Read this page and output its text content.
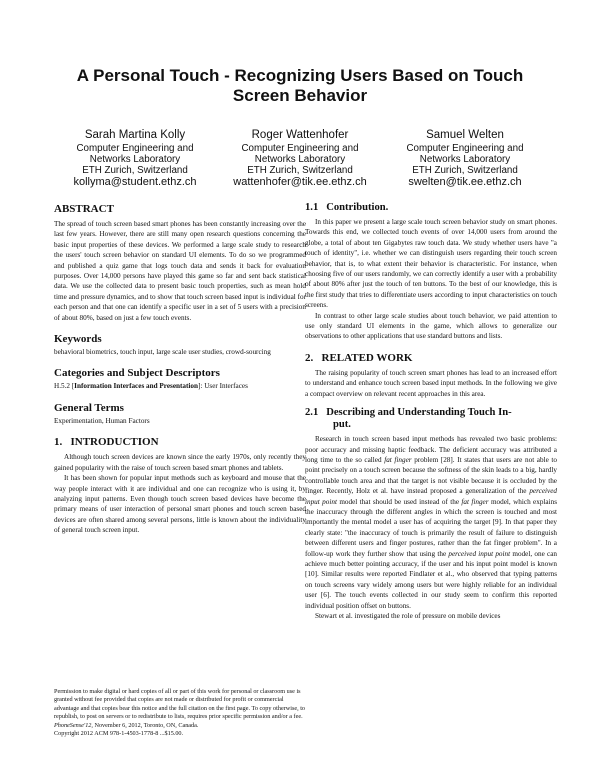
A Personal Touch - Recognizing Users Based on Touch
Screen Behavior
Sarah Martina Kolly
Computer Engineering and
Networks Laboratory
ETH Zurich, Switzerland
kollyma@student.ethz.ch
Roger Wattenhofer
Computer Engineering and
Networks Laboratory
ETH Zurich, Switzerland
wattenhofer@tik.ee.ethz.ch
Samuel Welten
Computer Engineering and
Networks Laboratory
ETH Zurich, Switzerland
swelten@tik.ee.ethz.ch
ABSTRACT

The spread of touch screen based smart phones has been constantly increasing over the last few years. However, there are still many open research questions concerning the basic input properties of these devices. We performed a large scale study to research the users' touch screen behavior on standard UI elements. To do so we programmed and published a quiz game that logs touch data and sends it back for evaluation purposes. Over 14,000 persons have played this game so far and sent back statistical data. We use the collected data to present basic touch properties, such as mean hold time and pressure dynamics, and to show that touch screen based input is individual for each person and that one can identify a specific user in a set of 5 users with a precision of about 80%, based on just a few touch events.

Keywords

behavioral biometrics, touch input, large scale user studies, crowd-sourcing

Categories and Subject Descriptors

H.5.2 [Information Interfaces and Presentation]: User Interfaces

General Terms

Experimentation, Human Factors

1.   INTRODUCTION

Although touch screen devices are known since the early 1970s, only recently they gained popularity with the raise of touch screen based smart phones and tablets.

It has been shown for popular input methods such as keyboard and mouse that the way people interact with it are individual and one can recognize who is using it, by analyzing input patterns. Even though touch screen based devices have become the primary means of user interaction of personal smart phones and touch screen based devices are often shared among several persons, little is known about the individuality of general touch screen input.

Permission to make digital or hard copies of all or part of this work for personal or classroom use is granted without fee provided that copies are not made or distributed for profit or commercial advantage and that copies bear this notice and the full citation on the first page. To copy otherwise, to republish, to post on servers or to redistribute to lists, requires prior specific permission and/or a fee.
PhoneSense'12, November 6, 2012, Toronto, ON, Canada.
Copyright 2012 ACM 978-1-4503-1778-8 ...$15.00.

1.1   Contribution.

In this paper we present a large scale touch screen behavior study on smart phones. Towards this end, we collected touch events of over 14,000 users from around the globe, a total of about ten Gigabytes raw touch data. We study whether users have "a touch of identity", i.e. whether we can distinguish users regarding their touch screen behavior, that is, to what extent their behavior is characteristic. For instance, when choosing five of our users randomly, we can correctly identify a user with a probability of about 80% after just the touch of ten buttons. To the best of our knowledge, this is the first study that tries to differentiate users according to input characteristics on touch screens.

In contrast to other large scale studies about touch behavior, we paid attention to use only standard UI elements in the game, which allows to generalize our observations to other applications that use standard buttons and lists.

2.   RELATED WORK

The raising popularity of touch screen smart phones has lead to an increased effort to understand and enhance touch screen based input methods. In the following we give a compact overview on relevant recent approaches in this area.

2.1   Describing and Understanding Touch In-
put.

Research in touch screen based input methods has revealed two basic problems: poor accuracy and missing haptic feedback. The deficient accuracy was attributed a long time to the so called fat finger problem [28]. It states that users are not able to point precisely on a touch screen because the softness of the skin leads to a big, hardly controllable touch area and that the target is not visible because it is occluded by the finger. Recently, Holz et al. have instead proposed a generalization of the perceived input point model that should be used instead of the fat finger model, which explains the inaccuracy through the different angles in which the screen is touched and most importantly the mental model a user has of acquiring the target [9]. In that paper they clearly state: "the inaccuracy of touch is primarily the result of failure to distinguish between different users and finger postures, rather than the fat finger problem". In a follow-up work they further show that using the perceived input point model, one can achieve much better pointing accuracy, if the user and his input point model is known [10]. Similar results were reported Findlater et al., who observed that typing patterns on touch screens vary widely among users but were highly reliable for an individual user [6]. The touch events collected in our study seem to confirm this reported individual position offset on buttons.

Stewart et al. investigated the role of pressure on mobile devices
